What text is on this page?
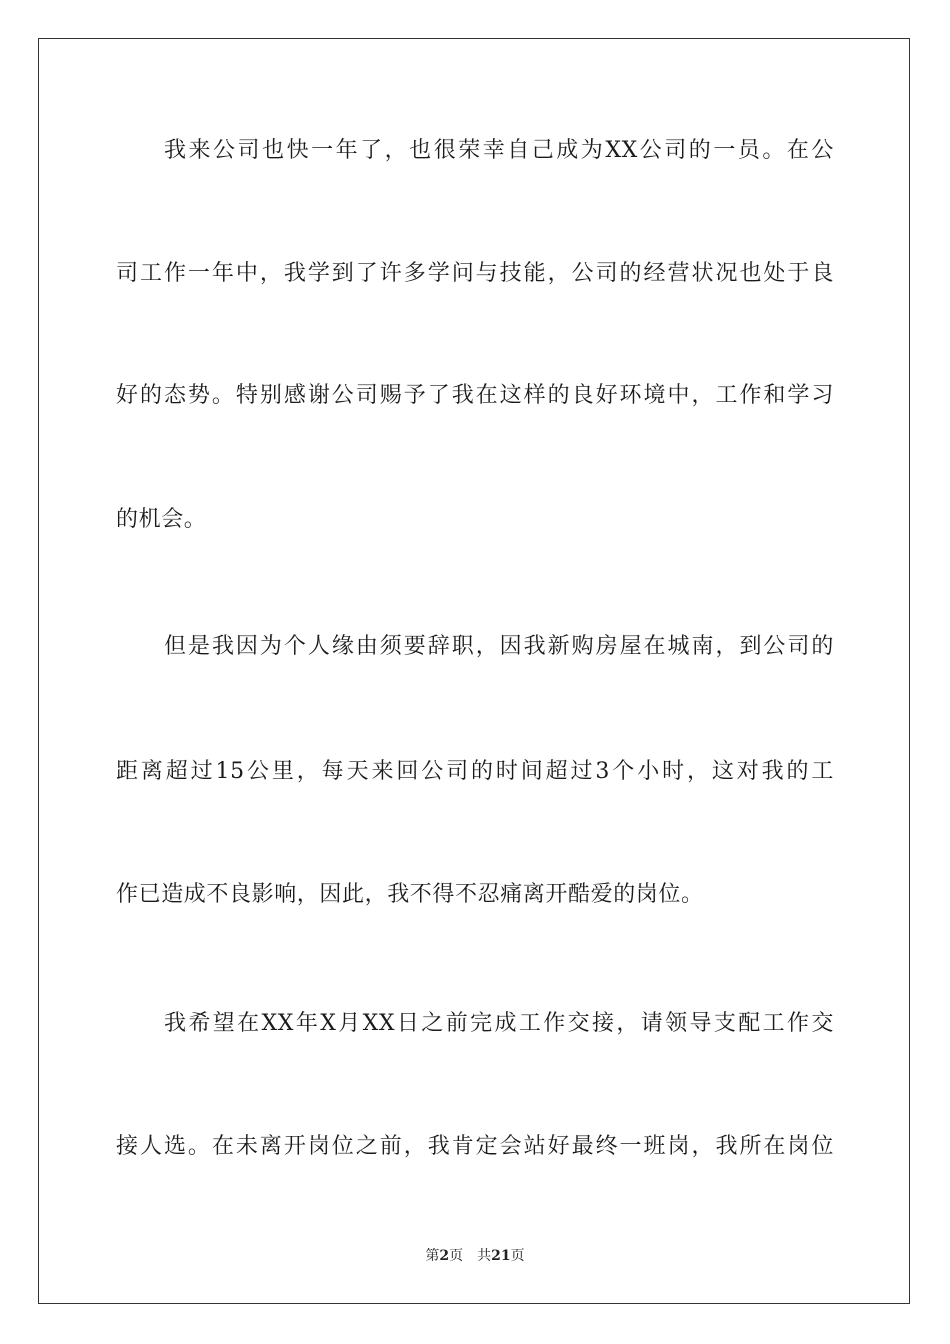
我来公司也快一年了，也很荣幸自己成为XX公司的一员。在公
司工作一年中，我学到了许多学问与技能，公司的经营状况也处于良
好的态势。特别感谢公司赐予了我在这样的良好环境中，工作和学习
的机会。
但是我因为个人缘由须要辞职，因我新购房屋在城南，到公司的
距离超过15公里，每天来回公司的时间超过3个小时，这对我的工
作已造成不良影响，因此，我不得不忍痛离开酷爱的岗位。
我希望在XX年X月XX日之前完成工作交接，请领导支配工作交
接人选。在未离开岗位之前，我肯定会站好最终一班岗，我所在岗位
第2页 共21页
